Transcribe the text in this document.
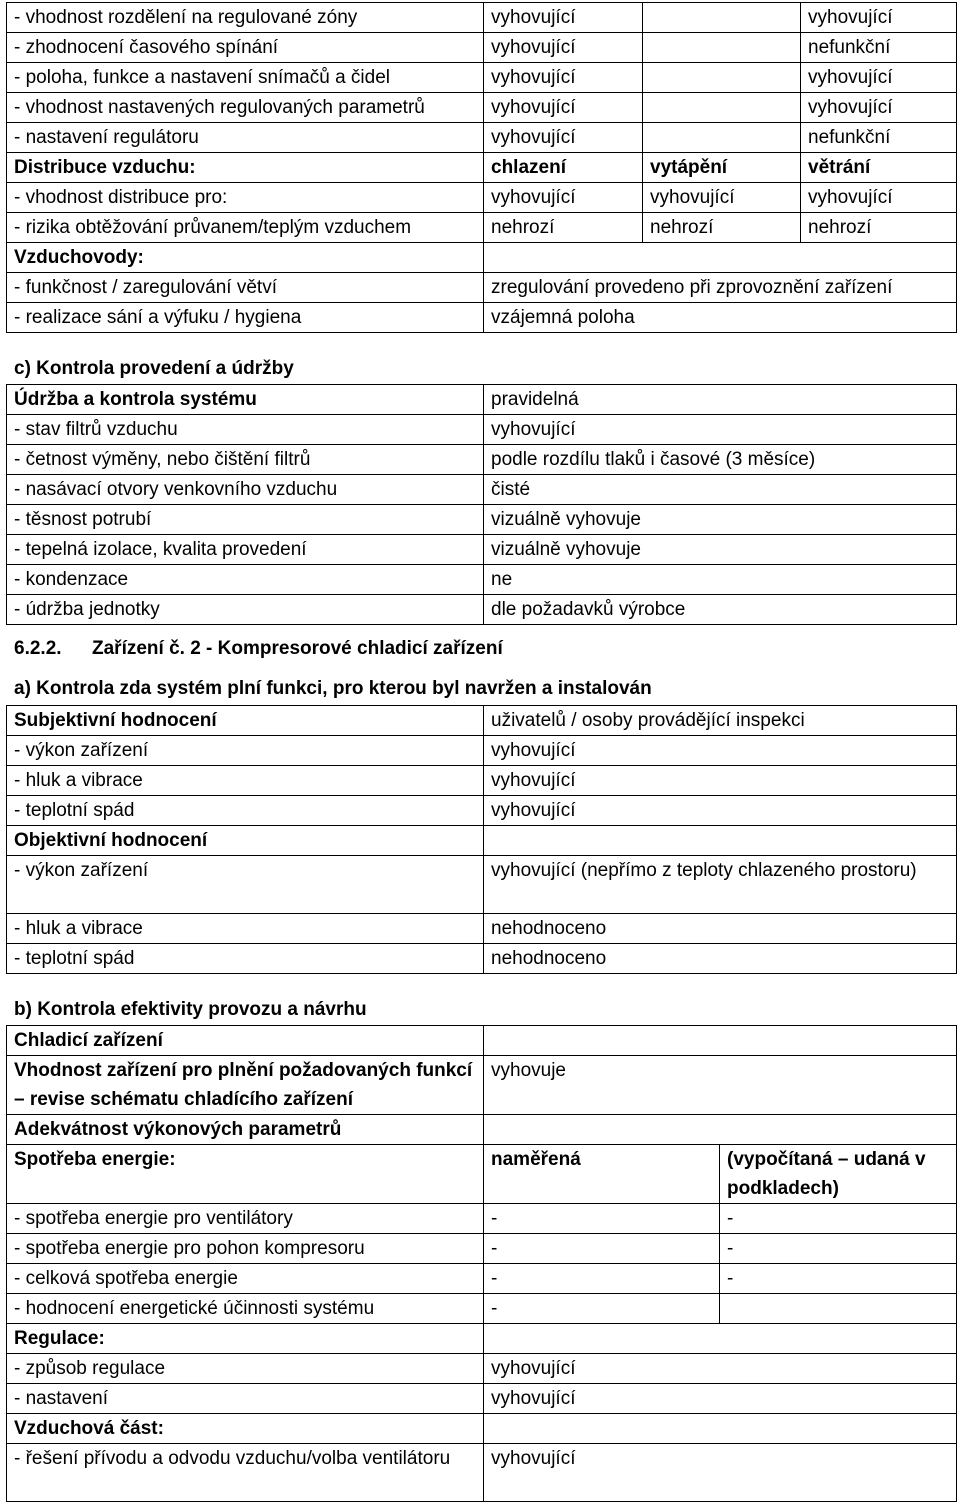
- vhodnost rozdělení na regulované zóny	vyhovující		vyhovující
- zhodnocení časového spínání	vyhovující		nefunkční
- poloha, funkce a nastavení snímačů a čidel	vyhovující		vyhovující
- vhodnost nastavených regulovaných parametrů	vyhovující		vyhovující
- nastavení regulátoru	vyhovující		nefunkční
Distribuce vzduchu:	chlazení	vytápění	větrání
- vhodnost distribuce pro:	vyhovující	vyhovující	vyhovující
- rizika obtěžování průvanem/teplým vzduchem	nehrozí	nehrozí	nehrozí
Vzduchovody:			
- funkčnost / zaregulování větví	zregulování provedeno při zprovoznění zařízení		
- realizace sání a výfuku / hygiena	vzájemná poloha		
c) Kontrola provedení a údržby
Údržba a kontrola systému	pravidelná
- stav filtrů vzduchu	vyhovující
- četnost výměny, nebo čištění filtrů	podle rozdílu tlaků i časové (3 měsíce)
- nasávací otvory venkovního vzduchu	čisté
- těsnost potrubí	vizuálně vyhovuje
- tepelná izolace, kvalita provedení	vizuálně vyhovuje
- kondenzace	ne
- údržba jednotky	dle požadavků výrobce
6.2.2. Zařízení č. 2 - Kompresorové chladicí zařízení
a) Kontrola zda systém plní funkci, pro kterou byl navržen a instalován
Subjektivní hodnocení	uživatelů / osoby provádějící inspekci
- výkon zařízení	vyhovující
- hluk a vibrace	vyhovující
- teplotní spád	vyhovující
Objektivní hodnocení	
- výkon zařízení	vyhovující (nepřímo z teploty chlazeného prostoru)
- hluk a vibrace	nehodnoceno
- teplotní spád	nehodnoceno
b) Kontrola efektivity provozu a návrhu
Chladicí zařízení		
Vhodnost zařízení pro plnění požadovaných funkcí – revise schématu chladícího zařízení	vyhovuje	
Adekvátnost výkonových parametrů		
Spotřeba energie:	naměřená	(vypočítaná – udaná v podkladech)
- spotřeba energie pro ventilátory	-	-
- spotřeba energie pro pohon kompresoru	-	-
- celková spotřeba energie	-	-
- hodnocení energetické účinnosti systému	-	
Regulace:		
- způsob regulace	vyhovující	
- nastavení	vyhovující	
Vzduchová část:		
- řešení přívodu a odvodu vzduchu/volba ventilátoru	vyhovující	
